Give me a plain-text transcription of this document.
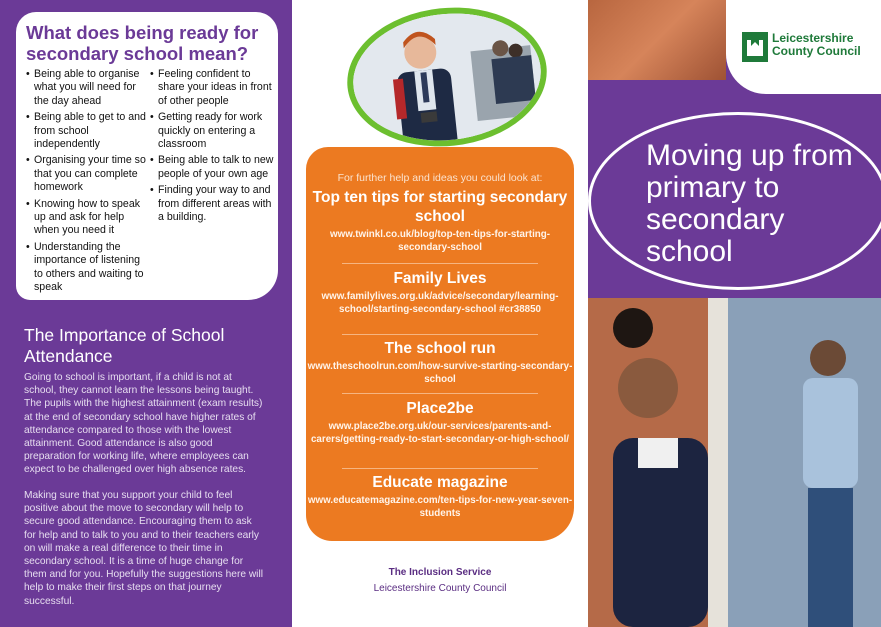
What does being ready for secondary school mean?
• Being able to organise what you will need for the day ahead
• Being able to get to and from school independently
• Organising your time so that you can complete homework
• Knowing how to speak up and ask for help when you need it
• Understanding the importance of listening to others and waiting to speak
• Feeling confident to share your ideas in front of other people
• Getting ready for work quickly on entering a classroom
• Being able to talk to new people of your own age
• Finding your way to and from different areas with a building.
The Importance of School Attendance

Going to school is important, if a child is not at school, they cannot learn the lessons being taught. The pupils with the highest attainment (exam results) at the end of secondary school have higher rates of attendance compared to those with the lowest attainment. Good attendance is also good preparation for working life, where employees can expect to be challenged over high absence rates.

Making sure that you support your child to feel positive about the move to secondary will help to secure good attendance. Encouraging them to ask for help and to talk to you and to their teachers early on will make a real difference to their time in secondary school. It is a time of huge change for them and for you. Hopefully the suggestions here will help to make their first steps on that journey successful.

For further help and ideas you could look at:
Top ten tips for starting secondary school
www.twinkl.co.uk/blog/top-ten-tips-for-starting-secondary-school
Family Lives
www.familylives.org.uk/advice/secondary/learning-school/starting-secondary-school #cr38850
The school run
www.theschoolrun.com/how-survive-starting-secondary-school
Place2be
www.place2be.org.uk/our-services/parents-and-carers/getting-ready-to-start-secondary-or-high-school/
Educate magazine
www.educatemagazine.com/ten-tips-for-new-year-seven-students
The Inclusion Service
Leicestershire County Council
Leicestershire County Council
Moving up from primary to secondary school
